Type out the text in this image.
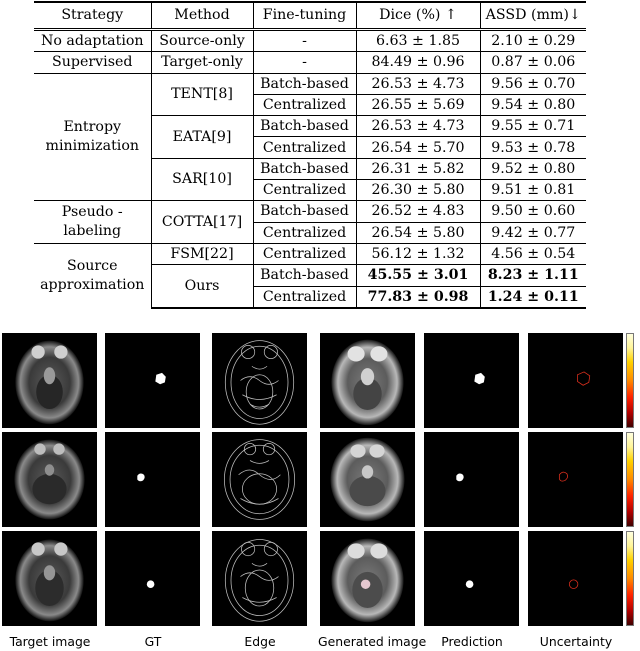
Strategy	Method	Fine-tuning	Dice (%) ↑	ASSD (mm)↓
No adaptation	Source-only	-	6.63 ± 1.85	2.10 ± 0.29
Supervised	Target-only	-	84.49 ± 0.96	0.87 ± 0.06
Entropy minimization	TENT[8]	Batch-based	26.53 ± 4.73	9.56 ± 0.70
		Centralized	26.55 ± 5.69	9.54 ± 0.80
	EATA[9]	Batch-based	26.53 ± 4.73	9.55 ± 0.71
		Centralized	26.54 ± 5.70	9.53 ± 0.78
	SAR[10]	Batch-based	26.31 ± 5.82	9.52 ± 0.80
		Centralized	26.30 ± 5.80	9.51 ± 0.81
Pseudo -labeling	COTTA[17]	Batch-based	26.52 ± 4.83	9.50 ± 0.60
		Centralized	26.54 ± 5.80	9.42 ± 0.77
Source approximation	FSM[22]	Centralized	56.12 ± 1.32	4.56 ± 0.54
	Ours	Batch-based	45.55 ± 3.01	8.23 ± 1.11
		Centralized	77.83 ± 0.98	1.24 ± 0.11
Target image	GT	Edge	Generated image	Prediction	Uncertainty
